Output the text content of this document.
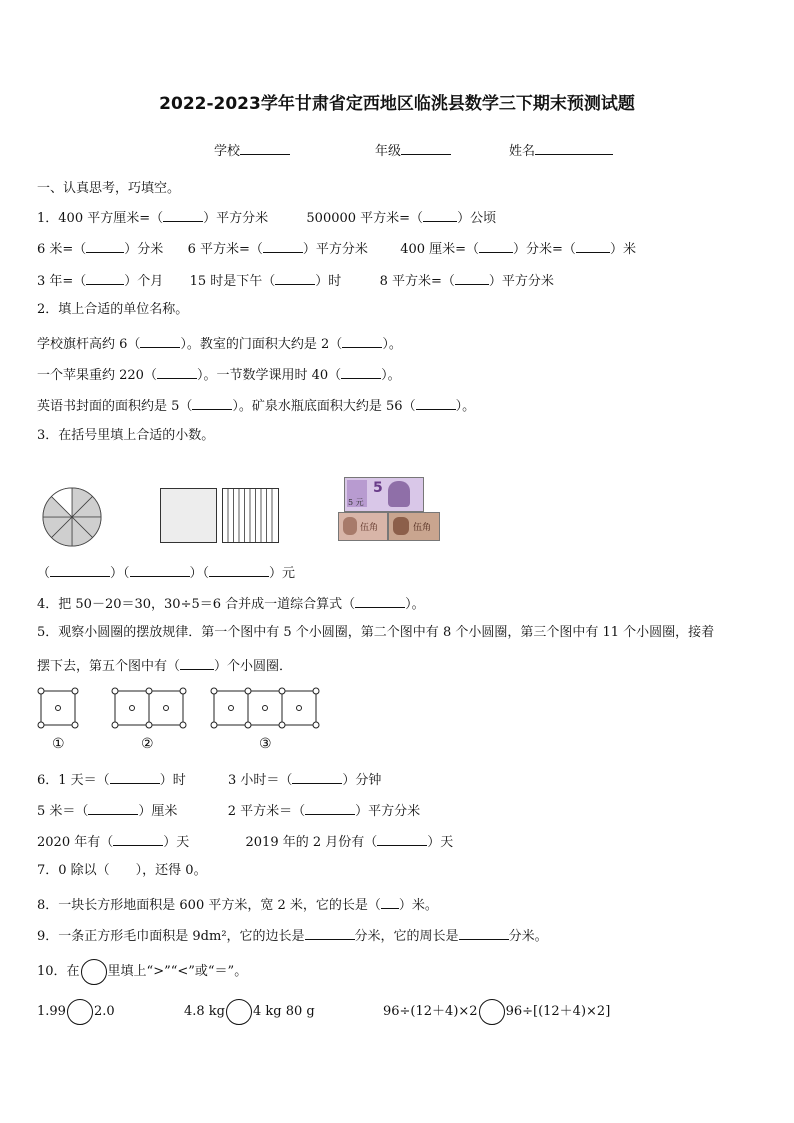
2022-2023学年甘肃省定西地区临洮县数学三下期末预测试题
学校	年级	姓名
一、认真思考，巧填空。
1．400 平方厘米=（	）平方分米	500000 平方米=（	）公顷
6 米=（	）分米 6 平方米=（	）平方分米 400 厘米=（	）分米=（	）米
3 年=（	）个月 15 时是下午（	）时	8 平方米=（	）平方分米
2．填上合适的单位名称。
学校旗杆高约 6（	）。教室的门面积大约是 2（	）。
一个苹果重约 220（	）。一节数学课用时 40（	）。
英语书封面的面积约是 5（	）。矿泉水瓶底面积大约是 56（	）。
3．在括号里填上合适的小数。
5
5 元
伍角	伍角
（	）（	）（	）元
4．把 50－20＝30，30÷5＝6 合并成一道综合算式（	）。
5．观察小圆圈的摆放规律．第一个图中有 5 个小圆圈，第二个图中有 8 个小圆圈，第三个图中有 11 个小圆圈，接着
摆下去，第五个图中有（	）个小圆圈．
①	②	③
6．1 天＝（	）时	3 小时＝（	）分钟
5 米＝（	）厘米	2 平方米＝（	）平方分米
2020 年有（	）天	2019 年的 2 月份有（	）天
7．0 除以（　　），还得 0。
8．一块长方形地面积是 600 平方米，宽 2 米，它的长是（ ）米。
9．一条正方形毛巾面积是 9dm²，它的边长是	分米，它的周长是	分米。
10．在 里填上“>”“<”或“＝”。
1.99 2.0	4.8 kg 4 kg 80 g	96÷(12＋4)×2 96÷[(12＋4)×2]
